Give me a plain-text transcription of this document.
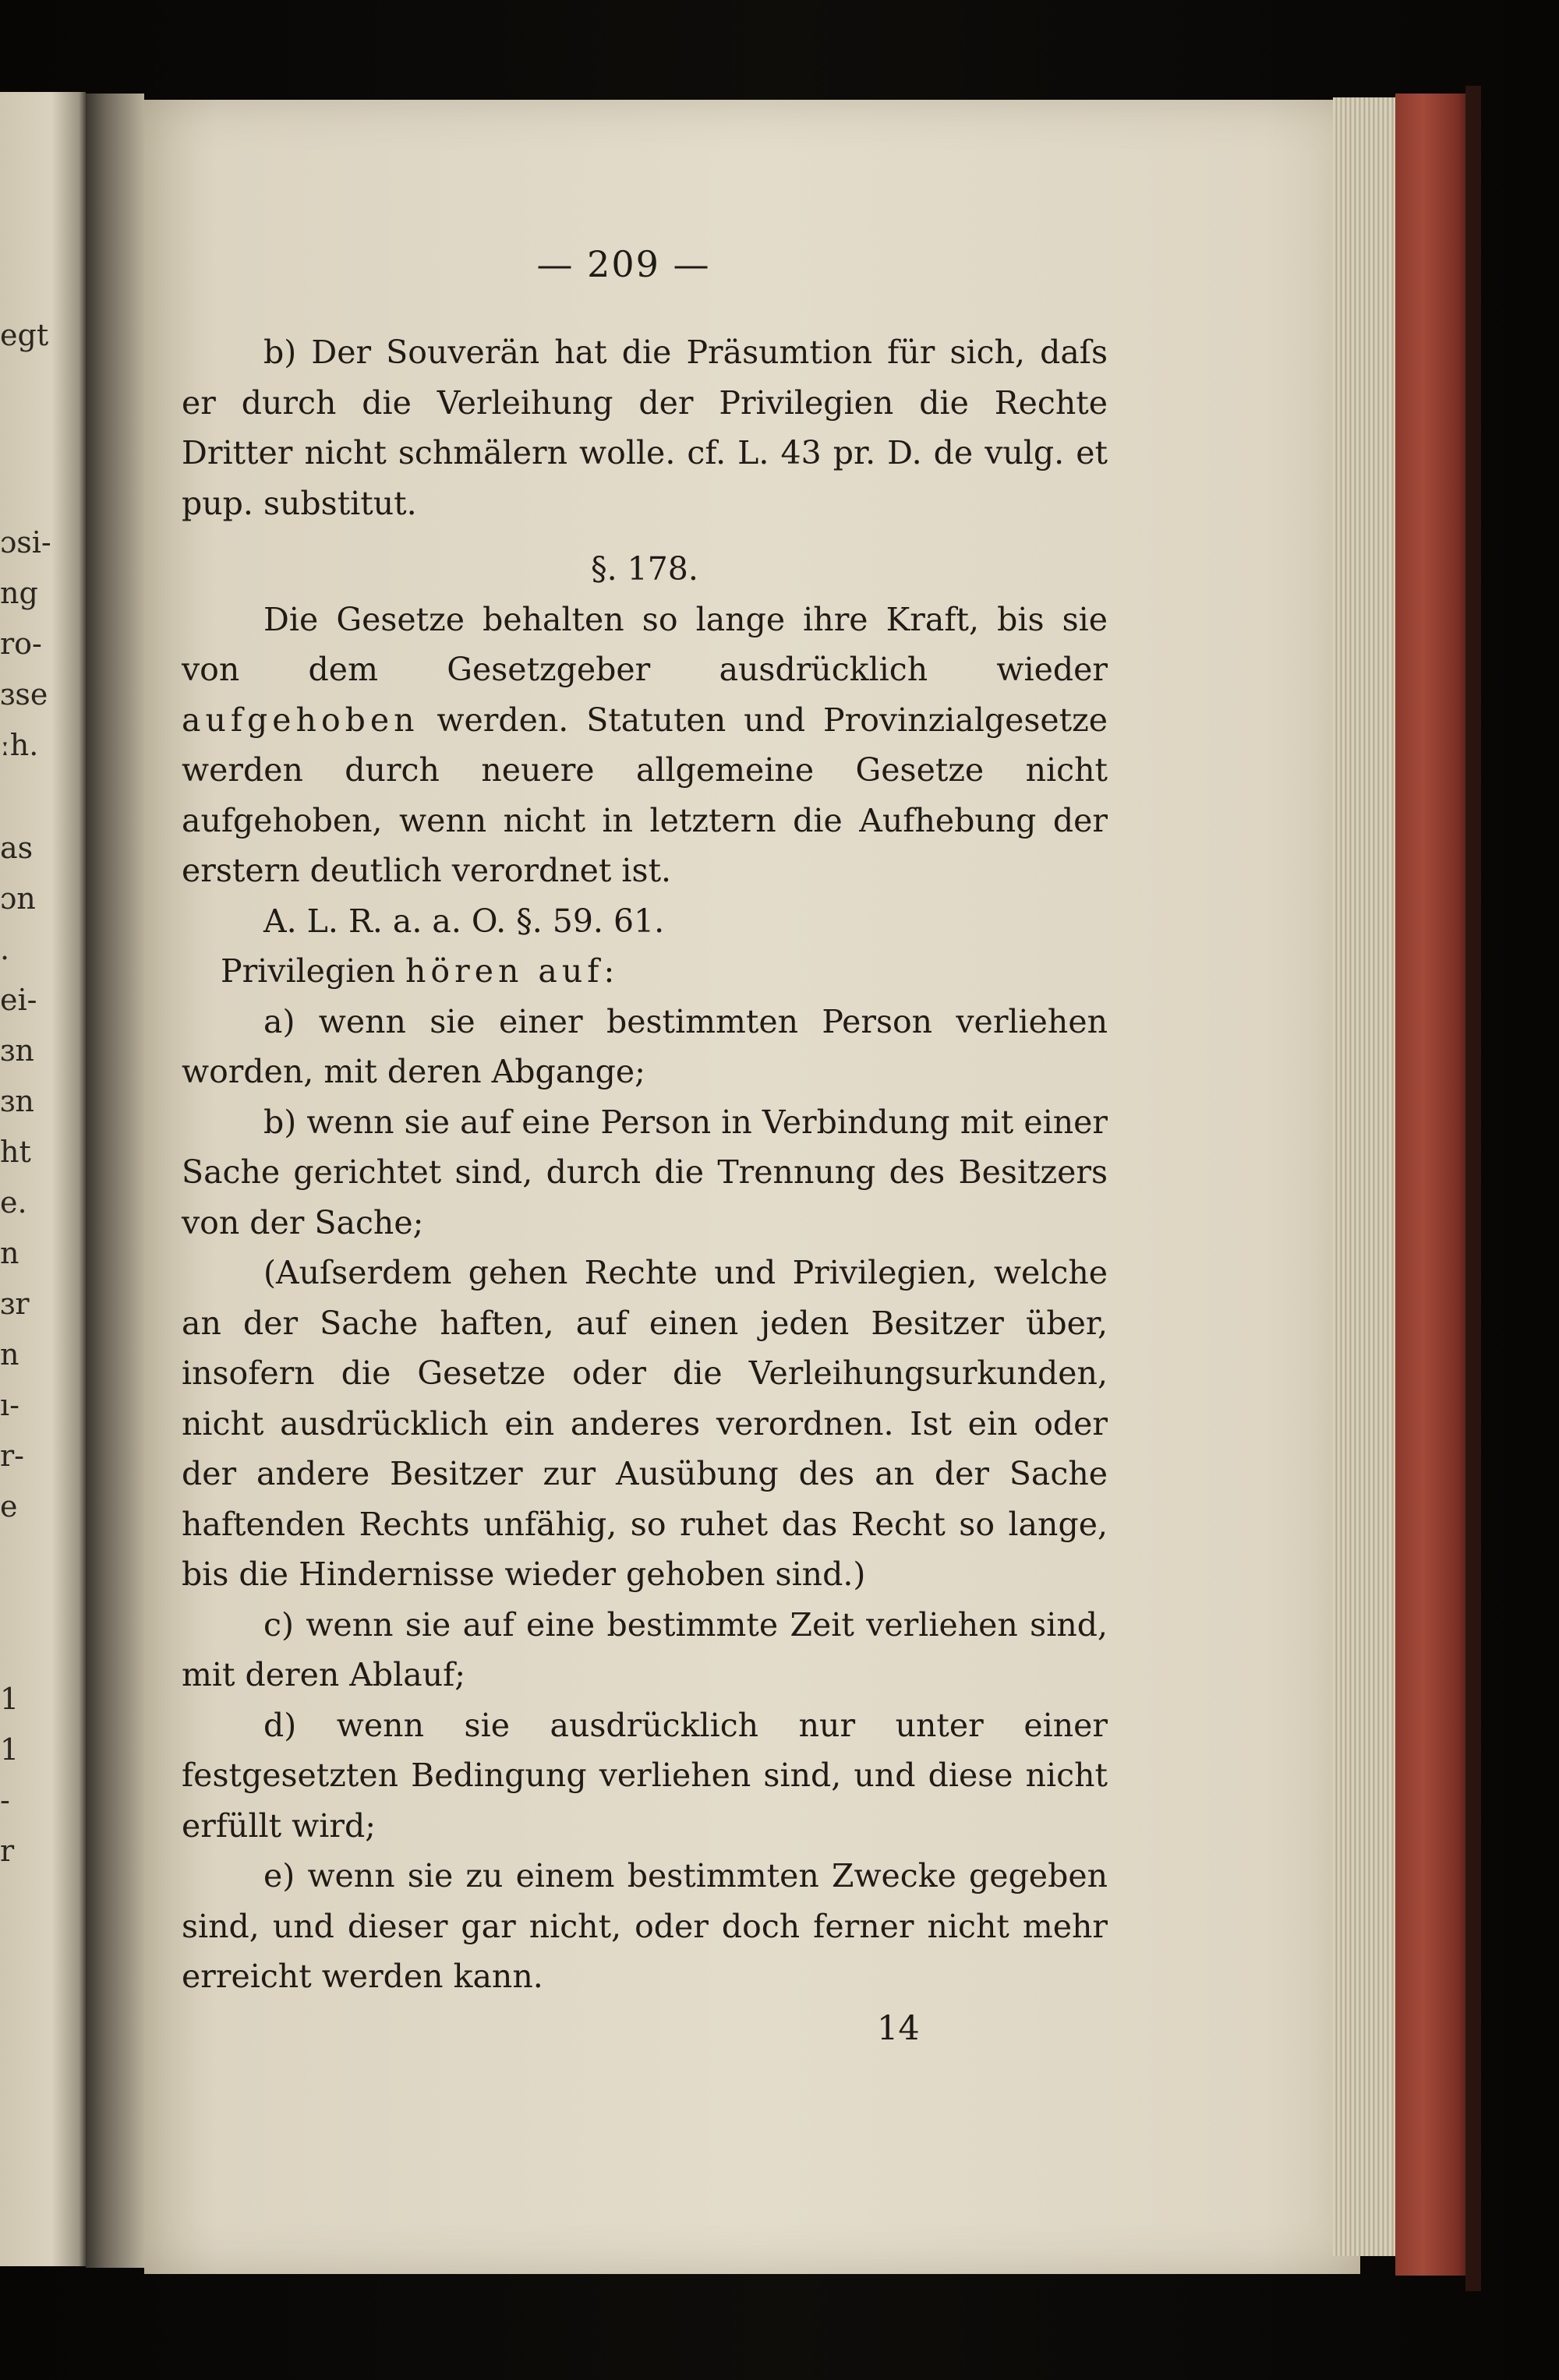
egt
ɔsi-
ng
ro-
ɜse
ːh.
as
ɔn
.
ei-
ɜn
ɜn
ht
e.
n
ɜr
n
ı-
r-
e
1
1
-
r
— 209 —

b) Der Souverän hat die Präsumtion für sich, daſs er durch die Verleihung der Privilegien die Rechte Dritter nicht schmälern wolle. cf. L. 43 pr. D. de vulg. et pup. substitut.

§. 178.

Die Gesetze behalten so lange ihre Kraft, bis sie von dem Gesetzgeber ausdrücklich wieder aufgehoben werden. Statuten und Provinzialgesetze werden durch neuere allgemeine Gesetze nicht aufgehoben, wenn nicht in letztern die Aufhebung der erstern deutlich verordnet ist.

A. L. R. a. a. O. §. 59. 61.

Privilegien hören auf:

a) wenn sie einer bestimmten Person verliehen worden, mit deren Abgange;

b) wenn sie auf eine Person in Verbindung mit einer Sache gerichtet sind, durch die Trennung des Besitzers von der Sache;

(Auſserdem gehen Rechte und Privilegien, welche an der Sache haften, auf einen jeden Besitzer über, insofern die Gesetze oder die Verleihungsurkunden, nicht ausdrücklich ein anderes verordnen. Ist ein oder der andere Besitzer zur Ausübung des an der Sache haftenden Rechts unfähig, so ruhet das Recht so lange, bis die Hindernisse wieder gehoben sind.)

c) wenn sie auf eine bestimmte Zeit verliehen sind, mit deren Ablauf;

d) wenn sie ausdrücklich nur unter einer festgesetzten Bedingung verliehen sind, und diese nicht erfüllt wird;

e) wenn sie zu einem bestimmten Zwecke gegeben sind, und dieser gar nicht, oder doch ferner nicht mehr erreicht werden kann.

14
